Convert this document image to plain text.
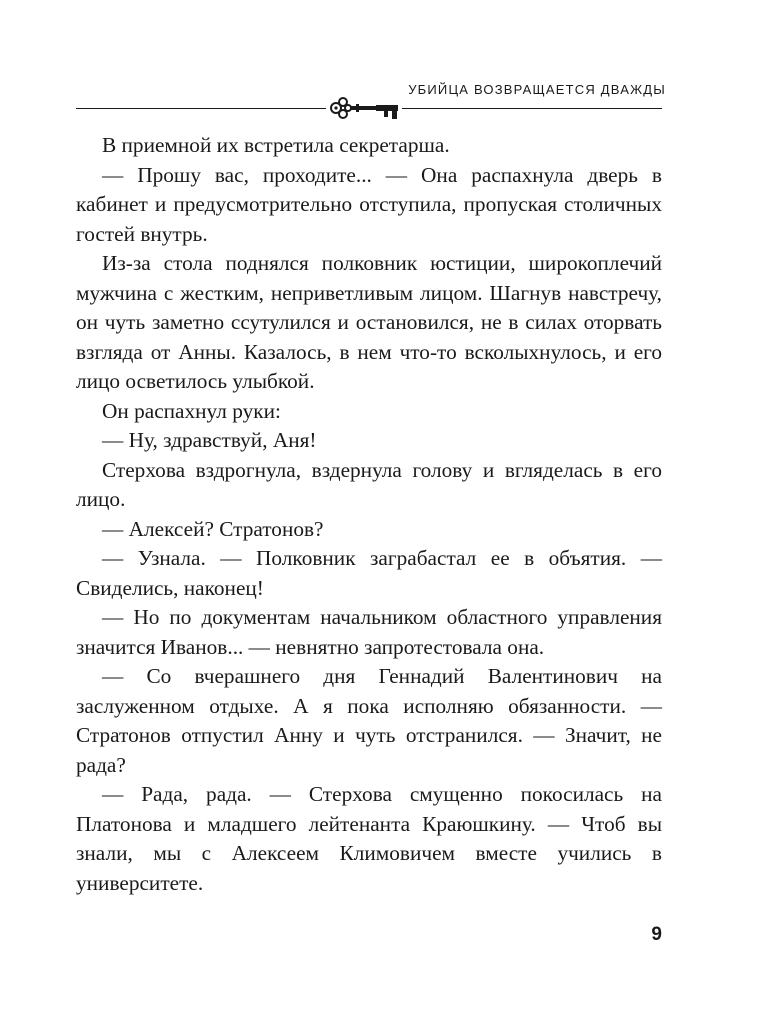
УБИЙЦА ВОЗВРАЩАЕТСЯ ДВАЖДЫ

В приемной их встретила секретарша.

— Прошу вас, проходите... — Она распахнула дверь в кабинет и предусмотрительно отступила, пропуская столичных гостей внутрь.

Из-за стола поднялся полковник юстиции, широкоплечий мужчина с жестким, неприветливым лицом. Шагнув навстречу, он чуть заметно ссутулился и остановился, не в силах оторвать взгляда от Анны. Казалось, в нем что-то всколыхнулось, и его лицо осветилось улыбкой.

Он распахнул руки:

— Ну, здравствуй, Аня!

Стерхова вздрогнула, вздернула голову и вгляделась в его лицо.

— Алексей? Стратонов?

— Узнала. — Полковник заграбастал ее в объятия. — Свиделись, наконец!

— Но по документам начальником областного управления значится Иванов... — невнятно запротестовала она.

— Со вчерашнего дня Геннадий Валентинович на заслуженном отдыхе. А я пока исполняю обязанности. — Стратонов отпустил Анну и чуть отстранился. — Значит, не рада?

— Рада, рада. — Стерхова смущенно покосилась на Платонова и младшего лейтенанта Краюшкину. — Чтоб вы знали, мы с Алексеем Климовичем вместе учились в университете.

9
